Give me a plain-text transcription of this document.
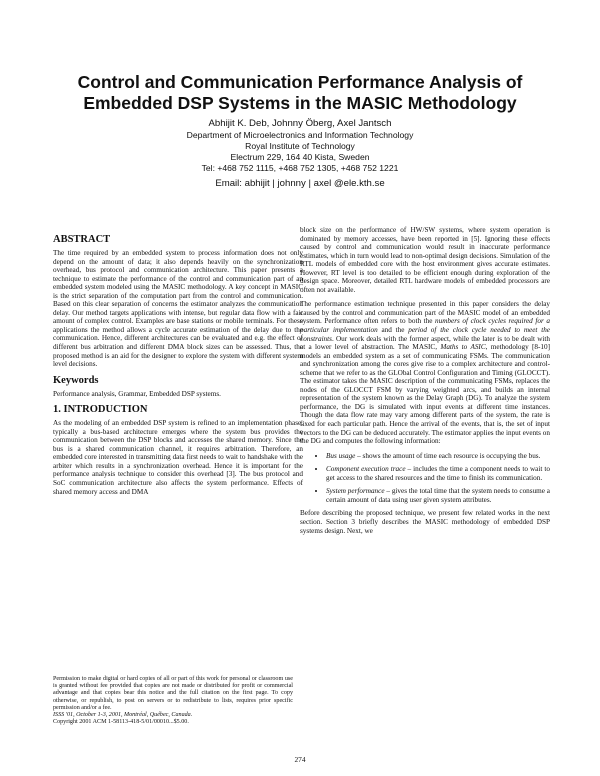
Control and Communication Performance Analysis of
Embedded DSP Systems in the MASIC Methodology
Abhijit K. Deb, Johnny Öberg, Axel Jantsch
Department of Microelectronics and Information Technology
Royal Institute of Technology
Electrum 229, 164 40 Kista, Sweden
Tel: +468 752 1115, +468 752 1305, +468 752 1221
Email: abhijit | johnny | axel @ele.kth.se
ABSTRACT

The time required by an embedded system to process information does not only depend on the amount of data; it also depends heavily on the synchronization overhead, bus protocol and communication architecture. This paper presents a technique to estimate the performance of the control and communication part of an embedded system modeled using the MASIC methodology. A key concept in MASIC is the strict separation of the computation part from the control and communication. Based on this clear separation of concerns the estimator analyzes the communication delay. Our method targets applications with intense, but regular data flow with a fair amount of complex control. Examples are base stations or mobile terminals. For these applications the method allows a cycle accurate estimation of the delay due to the communication. Hence, different architectures can be evaluated and e.g. the effect of different bus arbitration and different DMA block sizes can be assessed. Thus, the proposed method is an aid for the designer to explore the system with different system level decisions.

Keywords

Performance analysis, Grammar, Embedded DSP systems.

1. INTRODUCTION

As the modeling of an embedded DSP system is refined to an implementation phase, typically a bus-based architecture emerges where the system bus provides the communication between the DSP blocks and accesses the shared memory. Since the bus is a shared communication channel, it requires arbitration. Therefore, an embedded core interested in transmitting data first needs to wait to handshake with the arbiter which results in a synchronization overhead. Hence it is important for the performance analysis technique to consider this overhead [3]. The bus protocol and SoC communication architecture also affects the system performance. Effects of shared memory access and DMA

Permission to make digital or hard copies of all or part of this work for personal or classroom use is granted without fee provided that copies are not made or distributed for profit or commercial advantage and that copies bear this notice and the full citation on the first page. To copy otherwise, or republish, to post on servers or to redistribute to lists, requires prior specific permission and/or a fee.
ISSS '01, October 1-3, 2001, Montréal, Québec, Canada.
Copyright 2001 ACM 1-58113-418-5/01/00010...$5.00.

block size on the performance of HW/SW systems, where system operation is dominated by memory accesses, have been reported in [5]. Ignoring these effects caused by control and communication would result in inaccurate performance estimates, which in turn would lead to non-optimal design decisions. Simulation of the RTL models of embedded core with the host environment gives accurate estimates. However, RT level is too detailed to be efficient enough during exploration of the design space. Moreover, detailed RTL hardware models of embedded processors are often not available.

The performance estimation technique presented in this paper considers the delay caused by the control and communication part of the MASIC model of an embedded system. Performance often refers to both the numbers of clock cycles required for a particular implementation and the period of the clock cycle needed to meet the constraints. Our work deals with the former aspect, while the later is to be dealt with at a lower level of abstraction. The MASIC, Maths to ASIC, methodology [8-10] models an embedded system as a set of communicating FSMs. The communication and synchronization among the cores give rise to a complex architecture and control-scheme that we refer to as the GLObal Control Configuration and Timing (GLOCCT). The estimator takes the MASIC description of the communicating FSMs, replaces the nodes of the GLOCCT FSM by varying weighted arcs, and builds an internal representation of the system known as the Delay Graph (DG). To analyze the system performance, the DG is simulated with input events at different time instances. Though the data flow rate may vary among different parts of the system, the rate is fixed for each particular path. Hence the arrival of the events, that is, the set of input vectors to the DG can be deduced accurately. The estimator applies the input events on the DG and computes the following information:

• Bus usage – shows the amount of time each resource is occupying the bus.
• Component execution trace – includes the time a component needs to wait to get access to the shared resources and the time to finish its communication.
• System performance – gives the total time that the system needs to consume a certain amount of data using user given system attributes.

Before describing the proposed technique, we present few related works in the next section. Section 3 briefly describes the MASIC methodology of embedded DSP systems design. Next, we

274
